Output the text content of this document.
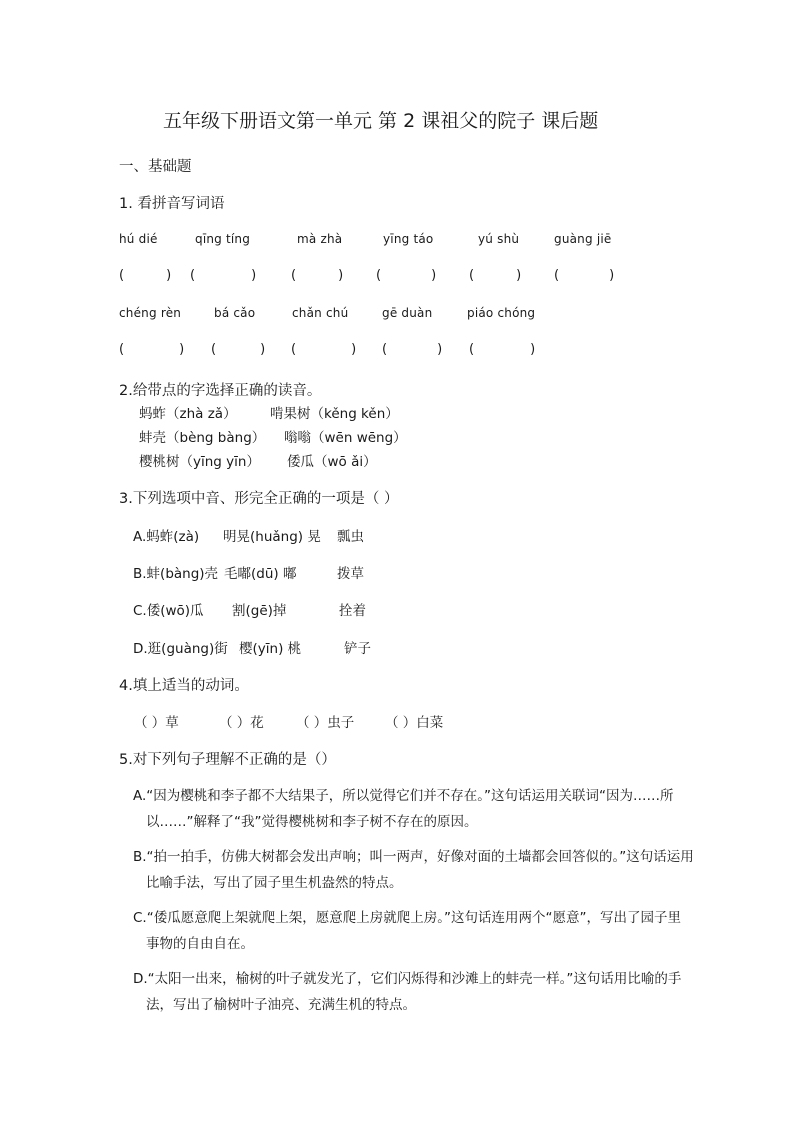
五年级下册语文第一单元 第 2 课祖父的院子 课后题
一、基础题
1. 看拼音写词语
hú dié	qīng tíng	mà zhà	yīng táo	yú shù	guàng jiē
(	) (	)	(	)	(	)	(	)	(	)
chéng rèn	bá cǎo	chǎn chú	gē duàn	piáo chóng
(	) (	) (	) (	) (	)
2.给带点的字选择正确的读音。
蚂蚱（zhà zǎ） 啃果树（kěng kěn）
蚌壳（bèng bàng） 嗡嗡（wēn wēng）
樱桃树（yīng yīn） 倭瓜（wō ǎi）
3.下列选项中音、形完全正确的一项是（ ）
A.蚂蚱(zà) 明晃(huǎng) 晃 瓢虫
B.蚌(bàng)壳 毛嘟(dū) 嘟	拨草
C.倭(wō)瓜 割(gē)掉	拴着
D.逛(guàng)街 樱(yīn) 桃	铲子
4.填上适当的动词。
（ ）草	（ ）花 （ ）虫子 （ ）白菜
5.对下列句子理解不正确的是（）
A.“因为樱桃和李子都不大结果子，所以觉得它们并不存在。”这句话运用关联词“因为……所以……”解释了“我”觉得樱桃树和李子树不存在的原因。
B.“拍一拍手，仿佛大树都会发出声响；叫一两声，好像对面的土墙都会回答似的。”这句话运用比喻手法，写出了园子里生机盎然的特点。
C.“倭瓜愿意爬上架就爬上架，愿意爬上房就爬上房。”这句话连用两个“愿意”，写出了园子里事物的自由自在。
D.“太阳一出来，榆树的叶子就发光了，它们闪烁得和沙滩上的蚌壳一样。”这句话用比喻的手法，写出了榆树叶子油亮、充满生机的特点。
